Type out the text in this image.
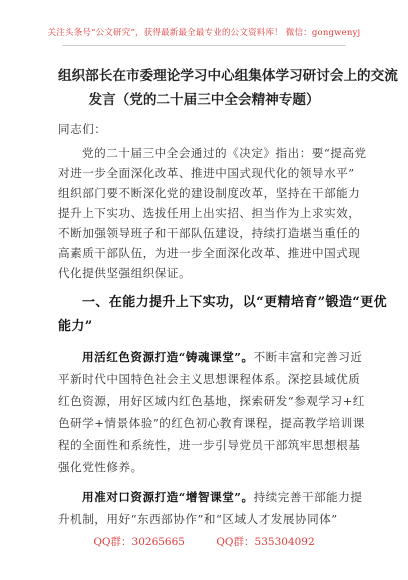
关注头条号“公文研究”，获得最新最全最专业的公文资料库！ 微信：gongwenyj
组织部长在市委理论学习中心组集体学习研讨会上的交流
发言（党的二十届三中全会精神专题）
同志们：
党的二十届三中全会通过的《决定》指出：要“提高党
对进一步全面深化改革、推进中国式现代化的领导水平”
组织部门要不断深化党的建设制度改革，坚持在干部能力
提升上下实功、选拔任用上出实招、担当作为上求实效，
不断加强领导班子和干部队伍建设，持续打造堪当重任的
高素质干部队伍，为进一步全面深化改革、推进中国式现
代化提供坚强组织保证。
一、在能力提升上下实功，以“更精培育”锻造“更优
能力”
用活红色资源打造“铸魂课堂”。不断丰富和完善习近
平新时代中国特色社会主义思想课程体系。深挖县域优质
红色资源，用好区域内红色基地，探索研发“参观学习+红
色研学+情景体验”的红色初心教育课程，提高教学培训课
程的全面性和系统性，进一步引导党员干部筑牢思想根基
强化党性修养。
用准对口资源打造“增智课堂”。持续完善干部能力提
升机制，用好“东西部协作”和“区域人才发展协同体”
QQ群：30265665	QQ群：535304092
